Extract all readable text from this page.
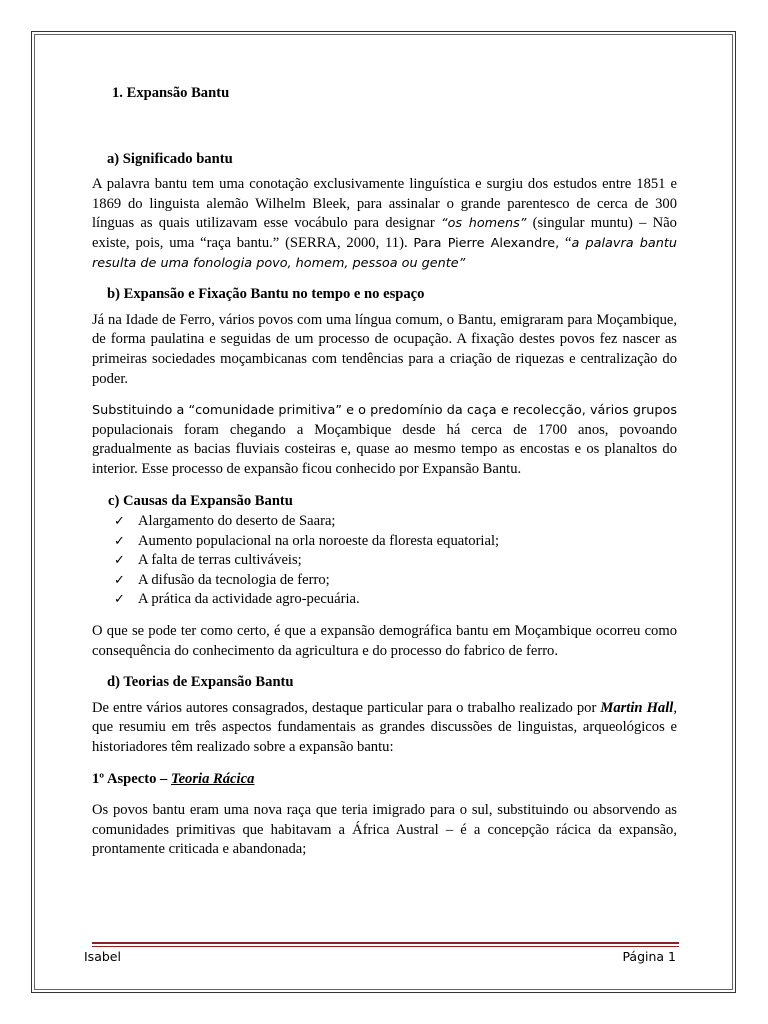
1. Expansão Bantu
a) Significado bantu

A palavra bantu tem uma conotação exclusivamente linguística e surgiu dos estudos entre 1851 e 1869 do linguista alemão Wilhelm Bleek, para assinalar o grande parentesco de cerca de 300 línguas as quais utilizavam esse vocábulo para designar “os homens” (singular muntu) – Não existe, pois, uma “raça bantu.” (SERRA, 2000, 11). Para Pierre Alexandre, “a palavra bantu resulta de uma fonologia povo, homem, pessoa ou gente”

b) Expansão e Fixação Bantu no tempo e no espaço

Já na Idade de Ferro, vários povos com uma língua comum, o Bantu, emigraram para Moçambique, de forma paulatina e seguidas de um processo de ocupação. A fixação destes povos fez nascer as primeiras sociedades moçambicanas com tendências para a criação de riquezas e centralização do poder.

Substituindo a “comunidade primitiva” e o predomínio da caça e recolecção, vários grupos populacionais foram chegando a Moçambique desde há cerca de 1700 anos, povoando gradualmente as bacias fluviais costeiras e, quase ao mesmo tempo as encostas e os planaltos do interior. Esse processo de expansão ficou conhecido por Expansão Bantu.

c) Causas da Expansão Bantu
✓ Alargamento do deserto de Saara;
✓ Aumento populacional na orla noroeste da floresta equatorial;
✓ A falta de terras cultiváveis;
✓ A difusão da tecnologia de ferro;
✓ A prática da actividade agro-pecuária.

O que se pode ter como certo, é que a expansão demográfica bantu em Moçambique ocorreu como consequência do conhecimento da agricultura e do processo do fabrico de ferro.

d) Teorias de Expansão Bantu

De entre vários autores consagrados, destaque particular para o trabalho realizado por Martin Hall, que resumiu em três aspectos fundamentais as grandes discussões de linguistas, arqueológicos e historiadores têm realizado sobre a expansão bantu:

1º Aspecto – Teoria Rácica

Os povos bantu eram uma nova raça que teria imigrado para o sul, substituindo ou absorvendo as comunidades primitivas que habitavam a África Austral – é a concepção rácica da expansão, prontamente criticada e abandonada;

Isabel	Página 1
